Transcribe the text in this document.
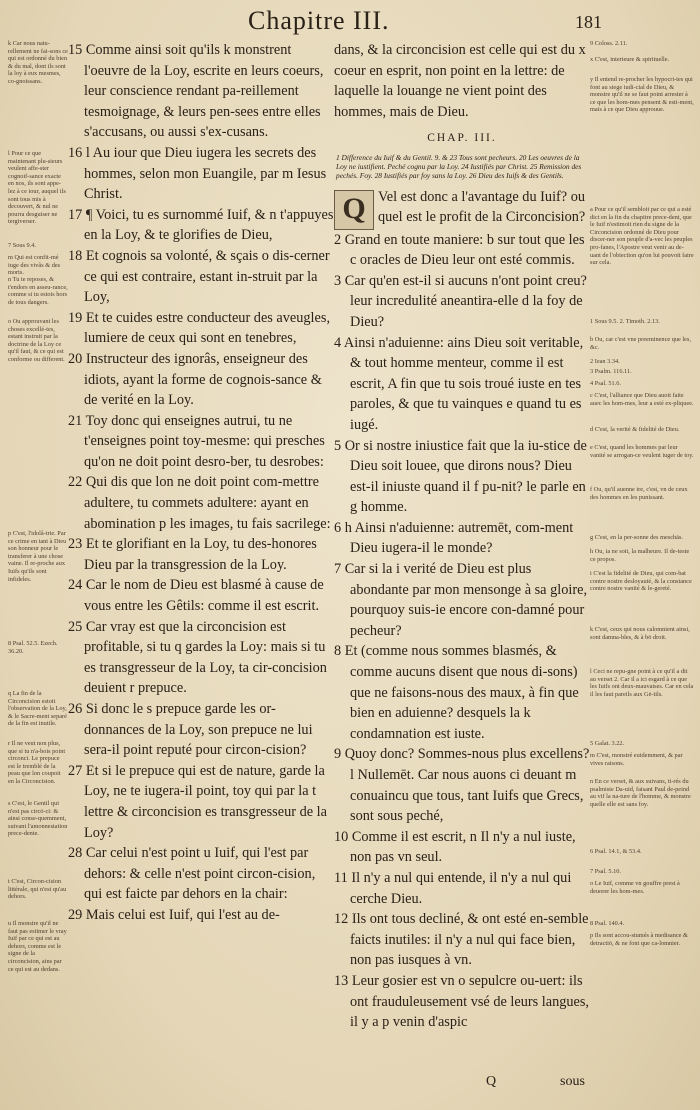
Chapitre III.	181
k Car nous natu-rellement ne fai-sons ce qui est ordonné du bien & du mal, dont ils sont la loy à eux mesmes, co-gnoissans.
l Pour ce que maintenant plu-sieurs veulent affe-ster cognoif-sance exacte en nos, ils sont appe-lez à ce iour, auquel ils sont tous mis à decouvert, & nul ne pourra desguiser ne tergiverser.
7 Sous 9.4.
m Qui est confit-mé iuge des vivâs & des morts.
n Tu te reposes, & t'endors en asseu-rance, comme si tu estois hors de tous dangers.
o Ou approuvant les choses excellé-tes, estant instruit par la doctrine de la Loy ce qu'il faut, & ce qui est conforme ou different.
p C'est, l'idolâ-trie. Par ce crime en tant à Dieu son honneur pour le transferer à une chose vaine. Il re-proche aux Iuifs qu'ils sont infideles.
8 Psal. 52.5. Ezech. 36.20.
q La fin de la Circoncision estoit l'observation de la Loy, & le Sacre-ment separé de la fin est inutile.
r Il ne veut non plus, que si tu n'a-bois point circonci. Le prepuce est le tremblé de la peau que lon coupoit en la Circoncision.
s C'est, le Gentil qui n'est pas circō-ci: & ainsi conse-quemment, suivant l'amonnestation prece-dente.
t C'est, Circon-cision littérale, qui n'est qu'au dehors.
u Il monstre qu'il ne faut pas estimer le vray Iuif par ce qui est au dehors, comme est le signe de la circoncision, ains par ce qui est au dedans.

15 Comme ainsi soit qu'ils k monstrent l'oeuvre de la Loy, escrite en leurs coeurs, leur conscience rendant pa-reillement tesmoignage, & leurs pen-sees entre elles s'accusans, ou aussi s'ex-cusans.

16 l Au iour que Dieu iugera les secrets des hommes, selon mon Euangile, par m Iesus Christ.

17 ¶ Voici, tu es surnommé Iuif, & n t'appuyes en la Loy, & te glorifies de Dieu,

18 Et cognois sa volonté, & sçais o dis-cerner ce qui est contraire, estant in-struit par la Loy,

19 Et te cuides estre conducteur des aveugles, lumiere de ceux qui sont en tenebres,

20 Instructeur des ignorâs, enseigneur des idiots, ayant la forme de cognois-sance & de verité en la Loy.

21 Toy donc qui enseignes autrui, tu ne t'enseignes point toy-mesme: qui presches qu'on ne doit point desro-ber, tu desrobes:

22 Qui dis que lon ne doit point com-mettre adultere, tu commets adultere: ayant en abomination p les images, tu fais sacrilege:

23 Et te glorifiant en la Loy, tu des-honores Dieu par la transgression de la Loy.

24 Car le nom de Dieu est blasmé à cause de vous entre les Gêtils: comme il est escrit.

25 Car vray est que la circoncision est profitable, si tu q gardes la Loy: mais si tu es transgresseur de la Loy, ta cir-concision deuient r prepuce.

26 Si donc le s prepuce garde les or-donnances de la Loy, son prepuce ne lui sera-il point reputé pour circon-cision?

27 Et si le prepuce qui est de nature, garde la Loy, ne te iugera-il point, toy qui par la t lettre & circoncision es transgresseur de la Loy?

28 Car celui n'est point u Iuif, qui l'est par dehors: & celle n'est point circon-cision, qui est faicte par dehors en la chair:

29 Mais celui est Iuif, qui l'est au de-

dans, & la circoncision est celle qui est du x coeur en esprit, non point en la lettre: de laquelle la louange ne vient point des hommes, mais de Dieu.

CHAP. III.
1 Difference du Iuif & du Gentil. 9. & 23 Tous sont pecheurs. 20 Les oeuvres de la Loy ne iustifient. Peché cognu par la Loy. 24 Iustifiés par Christ. 25 Remission des pechés. Foy. 28 Iustifiés par foy sans la Loy. 26 Dieu des Iuifs & des Gentils.
Q Vel est donc a l'avantage du Iuif? ou quel est le profit de la Circoncision?

2 Grand en toute maniere: b sur tout que les c oracles de Dieu leur ont esté commis.

3 Car qu'en est-il si aucuns n'ont point creu? leur incredulité aneantira-elle d la foy de Dieu?

4 Ainsi n'aduienne: ains Dieu soit veritable, & tout homme menteur, comme il est escrit, A fin que tu sois troué iuste en tes paroles, & que tu vainques e quand tu es iugé.

5 Or si nostre iniustice fait que la iu-stice de Dieu soit louee, que dirons nous? Dieu est-il iniuste quand il f pu-nit? le parle en g homme.

6 h Ainsi n'aduienne: autremēt, com-ment Dieu iugera-il le monde?

7 Car si la i verité de Dieu est plus abondante par mon mensonge à sa gloire, pourquoy suis-ie encore con-damné pour pecheur?

8 Et (comme nous sommes blasmés, & comme aucuns disent que nous di-sons) que ne faisons-nous des maux, à fin que bien en aduienne? desquels la k condamnation est iuste.

9 Quoy donc? Sommes-nous plus excellens? l Nullemēt. Car nous auons ci deuant m conuaincu que tous, tant Iuifs que Grecs, sont sous peché,

10 Comme il est escrit, n Il n'y a nul iuste, non pas vn seul.

11 Il n'y a nul qui entende, il n'y a nul qui cerche Dieu.

12 Ils ont tous decliné, & ont esté en-semble faicts inutiles: il n'y a nul qui face bien, non pas iusques à vn.

13 Leur gosier est vn o sepulcre ou-uert: ils ont frauduleusement vsé de leurs langues, il y a p venin d'aspic

9 Coloss. 2.11.
x C'est, interieure & spirituelle.
y Il entend re-procher les hypocri-tes qui font au siege iudi-cial de Dieu, & monstre qu'il ne se faut point arrester à ce que les hom-mes pensent & esti-ment, mais à ce que Dieu approuue.
a Pour ce qu'il sembloit par ce qui a esté dict en la fin du chapitre prece-dent, que le Iuif n'estimoit rien du signe de la Circoncision ordonné de Dieu pour discer-ner son peuple d'a-vec les peuples pro-fanes, l'Apostre veut venir au de-uant de l'obiection qu'on lui pouvoit faire sur cela.
1 Sous 9.5. 2. Timoth. 2.13.
b Ou, car c'est vne preeminence que les, &c.
2 Iean 3.34.
3 Psalm. 116.11.
4 Psal. 51.6.
c C'est, l'alliance que Dieu auoit faite auec les hom-mes, leur a esté ex-pliquee.
d C'est, la verité & fidelité de Dieu.
e C'est, quand les hommes par leur vanité se arrogan-ce veulent iuger de toy.
f Ou, qu'il auenne ire, c'est, vn de ceux des hommes en les punissant.
g C'est, en la per-sonne des meschās.
h Ou, ia ne soit, la malheure. Il de-teste ce propos.
i C'est la fidelité de Dieu, qui com-bat contre nostre desloyauté, & la constance contre nostre vanité & le-gereté.
k C'est, ceux qui nous calomnient ainsi, sont damna-bles, & à bō droit.
l Ceci ne repu-gne point à ce qu'il a dit au verset 2. Car il a ici esgard à ce que les Iuifs ont deux-mauvaises. Car en cela il les faut pareils aux Gē-tils.
5 Galat. 3.22.
m C'est, monstré euidemment, & par vives raisons.
n En ce verset, & aux suivans, ti-rés du psalmiste Da-uid, faisant Paul de-peind au vif la na-ture de l'homme, & monstre quelle elle est sans foy.
6 Psal. 14.1, & 53.4.
7 Psal. 5.10.
o Le Iuif, comme vn gouffre prest à deuorer les hom-mes.
8 Psal. 140.4.
p Ils sont accou-stumés à medisance & detractiō, & ne font que ca-lomnier.
Q	sous
